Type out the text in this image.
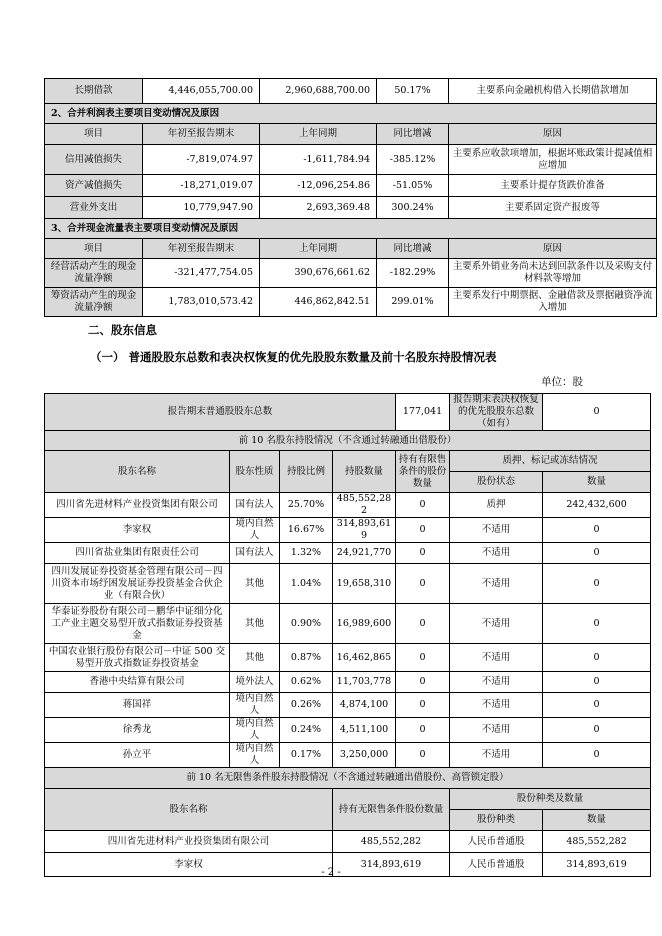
长期借款	4,446,055,700.00	2,960,688,700.00	50.17%	主要系向金融机构借入长期借款增加
2、合并利润表主要项目变动情况及原因				
项目	年初至报告期末	上年同期	同比增减	原因
信用减值损失	-7,819,074.97	-1,611,784.94	-385.12%	主要系应收款项增加，根据坏账政策计提减值相应增加
资产减值损失	-18,271,019.07	-12,096,254.86	-51.05%	主要系计提存货跌价准备
营业外支出	10,779,947.90	2,693,369.48	300.24%	主要系固定资产报废等
3、合并现金流量表主要项目变动情况及原因				
项目	年初至报告期末	上年同期	同比增减	原因
经营活动产生的现金流量净额	-321,477,754.05	390,676,661.62	-182.29%	主要系外销业务尚未达到回款条件以及采购支付材料款等增加
筹资活动产生的现金流量净额	1,783,010,573.42	446,862,842.51	299.01%	主要系发行中期票据、金融借款及票据融资净流入增加
二、股东信息
（一） 普通股股东总数和表决权恢复的优先股股东数量及前十名股东持股情况表
单位：股
报告期末普通股股东总数				177,041	报告期末表决权恢复的优先股股东总数（如有）	0
前 10 名股东持股情况（不含通过转融通出借股份）						
股东名称	股东性质	持股比例	持股数量	持有有限售条件的股份数量	质押、标记或冻结情况	
					股份状态	数量
四川省先进材料产业投资集团有限公司	国有法人	25.70%	485,552,282	0	质押	242,432,600
李家权	境内自然人	16.67%	314,893,619	0	不适用	0
四川省盐业集团有限责任公司	国有法人	1.32%	24,921,770	0	不适用	0
四川发展证券投资基金管理有限公司－四川资本市场纾困发展证券投资基金合伙企业（有限合伙）	其他	1.04%	19,658,310	0	不适用	0
华泰证券股份有限公司－鹏华中证细分化工产业主题交易型开放式指数证券投资基金	其他	0.90%	16,989,600	0	不适用	0
中国农业银行股份有限公司－中证 500 交易型开放式指数证券投资基金	其他	0.87%	16,462,865	0	不适用	0
香港中央结算有限公司	境外法人	0.62%	11,703,778	0	不适用	0
蒋国祥	境内自然人	0.26%	4,874,100	0	不适用	0
徐秀龙	境内自然人	0.24%	4,511,100	0	不适用	0
孙立平	境内自然人	0.17%	3,250,000	0	不适用	0
前 10 名无限售条件股东持股情况（不含通过转融通出借股份、高管锁定股）						
股东名称			持有无限售条件股份数量		股份种类及数量	
					股份种类	数量
四川省先进材料产业投资集团有限公司			485,552,282		人民币普通股	485,552,282
李家权			314,893,619		人民币普通股	314,893,619
- 2 -
